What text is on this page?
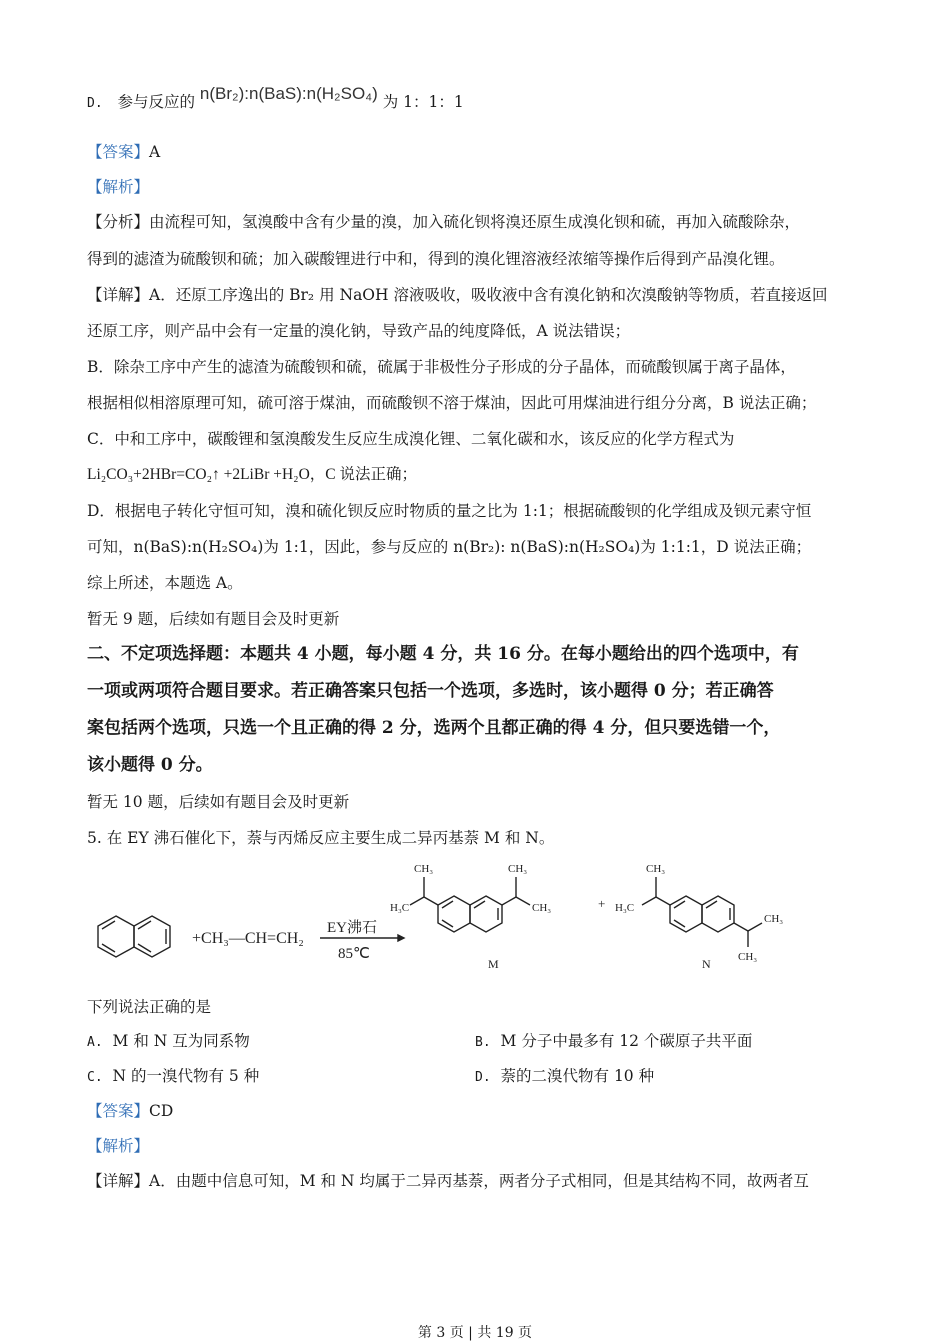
D. 参与反应的 n(Br₂):n(BaS):n(H₂SO₄) 为 1：1：1
【答案】A
【解析】
【分析】由流程可知，氢溴酸中含有少量的溴，加入硫化钡将溴还原生成溴化钡和硫，再加入硫酸除杂，
得到的滤渣为硫酸钡和硫；加入碳酸锂进行中和，得到的溴化锂溶液经浓缩等操作后得到产品溴化锂。
【详解】A．还原工序逸出的 Br₂ 用 NaOH 溶液吸收，吸收液中含有溴化钠和次溴酸钠等物质，若直接返回
还原工序，则产品中会有一定量的溴化钠，导致产品的纯度降低，A 说法错误；
B．除杂工序中产生的滤渣为硫酸钡和硫，硫属于非极性分子形成的分子晶体，而硫酸钡属于离子晶体，
根据相似相溶原理可知，硫可溶于煤油，而硫酸钡不溶于煤油，因此可用煤油进行组分分离，B 说法正确；
C．中和工序中，碳酸锂和氢溴酸发生反应生成溴化锂、二氧化碳和水，该反应的化学方程式为
Li₂CO₃+2HBr=CO₂↑ +2LiBr +H₂O，C 说法正确；
D．根据电子转化守恒可知，溴和硫化钡反应时物质的量之比为 1:1；根据硫酸钡的化学组成及钡元素守恒
可知，n(BaS):n(H₂SO₄)为 1:1，因此，参与反应的 n(Br₂): n(BaS):n(H₂SO₄)为 1:1:1，D 说法正确；
综上所述，本题选 A。
暂无 9 题，后续如有题目会及时更新
二、不定项选择题：本题共 4 小题，每小题 4 分，共 16 分。在每小题给出的四个选项中，有
一项或两项符合题目要求。若正确答案只包括一个选项，多选时，该小题得 0 分；若正确答
案包括两个选项，只选一个且正确的得 2 分，选两个且都正确的得 4 分，但只要选错一个，
该小题得 0 分。
暂无 10 题，后续如有题目会及时更新
5. 在 EY 沸石催化下，萘与丙烯反应主要生成二异丙基萘 M 和 N。
+CH₃—CH=CH₂
EY沸石
85℃
CH₃
H₃C
CH₃
CH₃	+
CH₃
H₃C
CH₃
CH₃
M	N
下列说法正确的是
A. M 和 N 互为同系物	B. M 分子中最多有 12 个碳原子共平面
C. N 的一溴代物有 5 种	D. 萘的二溴代物有 10 种
【答案】CD
【解析】
【详解】A．由题中信息可知，M 和 N 均属于二异丙基萘，两者分子式相同，但是其结构不同，故两者互
第 3 页 | 共 19 页
